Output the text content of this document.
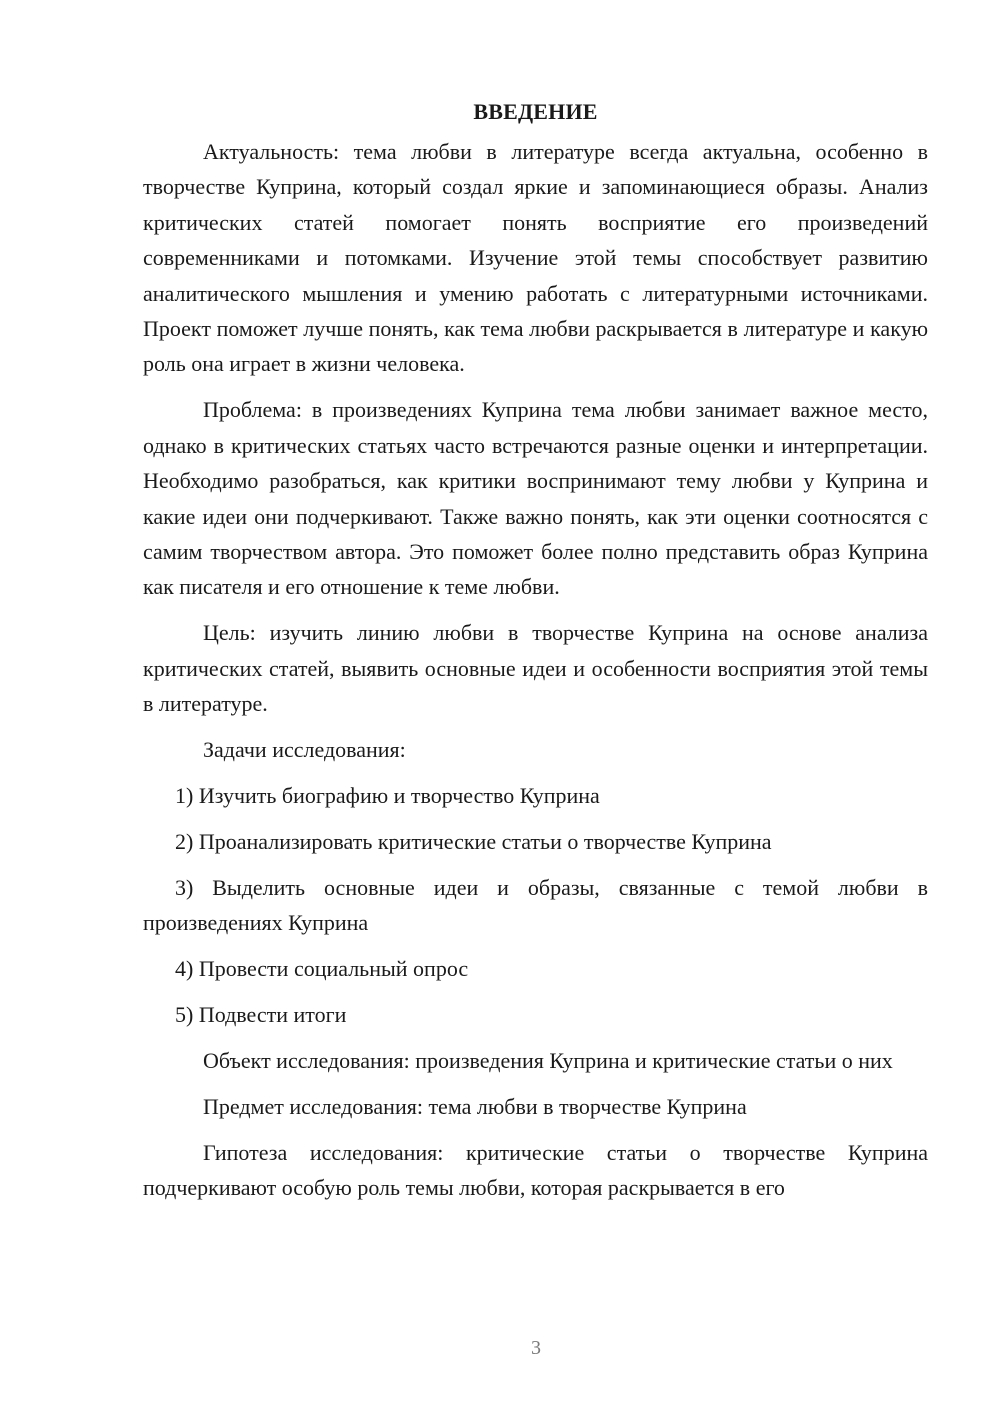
ВВЕДЕНИЕ

Актуальность: тема любви в литературе всегда актуальна, особенно в творчестве Куприна, который создал яркие и запоминающиеся образы. Анализ критических статей помогает понять восприятие его произведений современниками и потомками. Изучение этой темы способствует развитию аналитического мышления и умению работать с литературными источниками. Проект поможет лучше понять, как тема любви раскрывается в литературе и какую роль она играет в жизни человека.

Проблема: в произведениях Куприна тема любви занимает важное место, однако в критических статьях часто встречаются разные оценки и интерпретации. Необходимо разобраться, как критики воспринимают тему любви у Куприна и какие идеи они подчеркивают. Также важно понять, как эти оценки соотносятся с самим творчеством автора. Это поможет более полно представить образ Куприна как писателя и его отношение к теме любви.

Цель: изучить линию любви в творчестве Куприна на основе анализа критических статей, выявить основные идеи и особенности восприятия этой темы в литературе.

Задачи исследования:

1) Изучить биографию и творчество Куприна

2) Проанализировать критические статьи о творчестве Куприна

3) Выделить основные идеи и образы, связанные с темой любви в произведениях Куприна

4) Провести социальный опрос

5) Подвести итоги

Объект исследования: произведения Куприна и критические статьи о них

Предмет исследования: тема любви в творчестве Куприна

Гипотеза исследования: критические статьи о творчестве Куприна подчеркивают особую роль темы любви, которая раскрывается в его

3
